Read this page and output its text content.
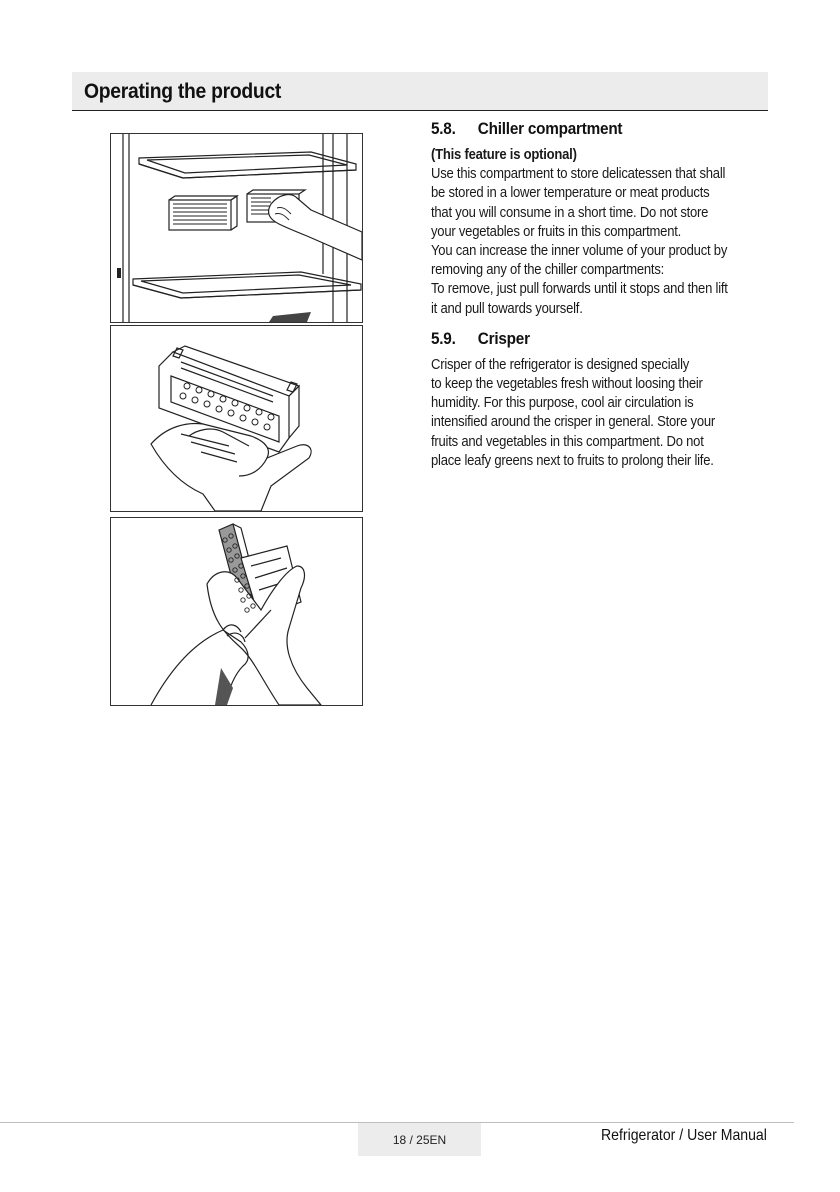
Operating the product
5.8. Chiller compartment

(This feature is optional)

Use this compartment to store delicatessen that shall

be stored in a lower temperature or meat products

that you will consume in a short time. Do not store

your vegetables or fruits in this compartment.

You can increase the inner volume of your product by

removing any of the chiller compartments:

To remove, just pull forwards until it stops and then lift

it and pull towards yourself.

5.9. Crisper

Crisper of the refrigerator is designed specially

to keep the vegetables fresh without loosing their

humidity. For this purpose, cool air circulation is

intensified around the crisper in general. Store your

fruits and vegetables in this compartment. Do not

place leafy greens next to fruits to prolong their life.

18 / 25EN	Refrigerator / User Manual
